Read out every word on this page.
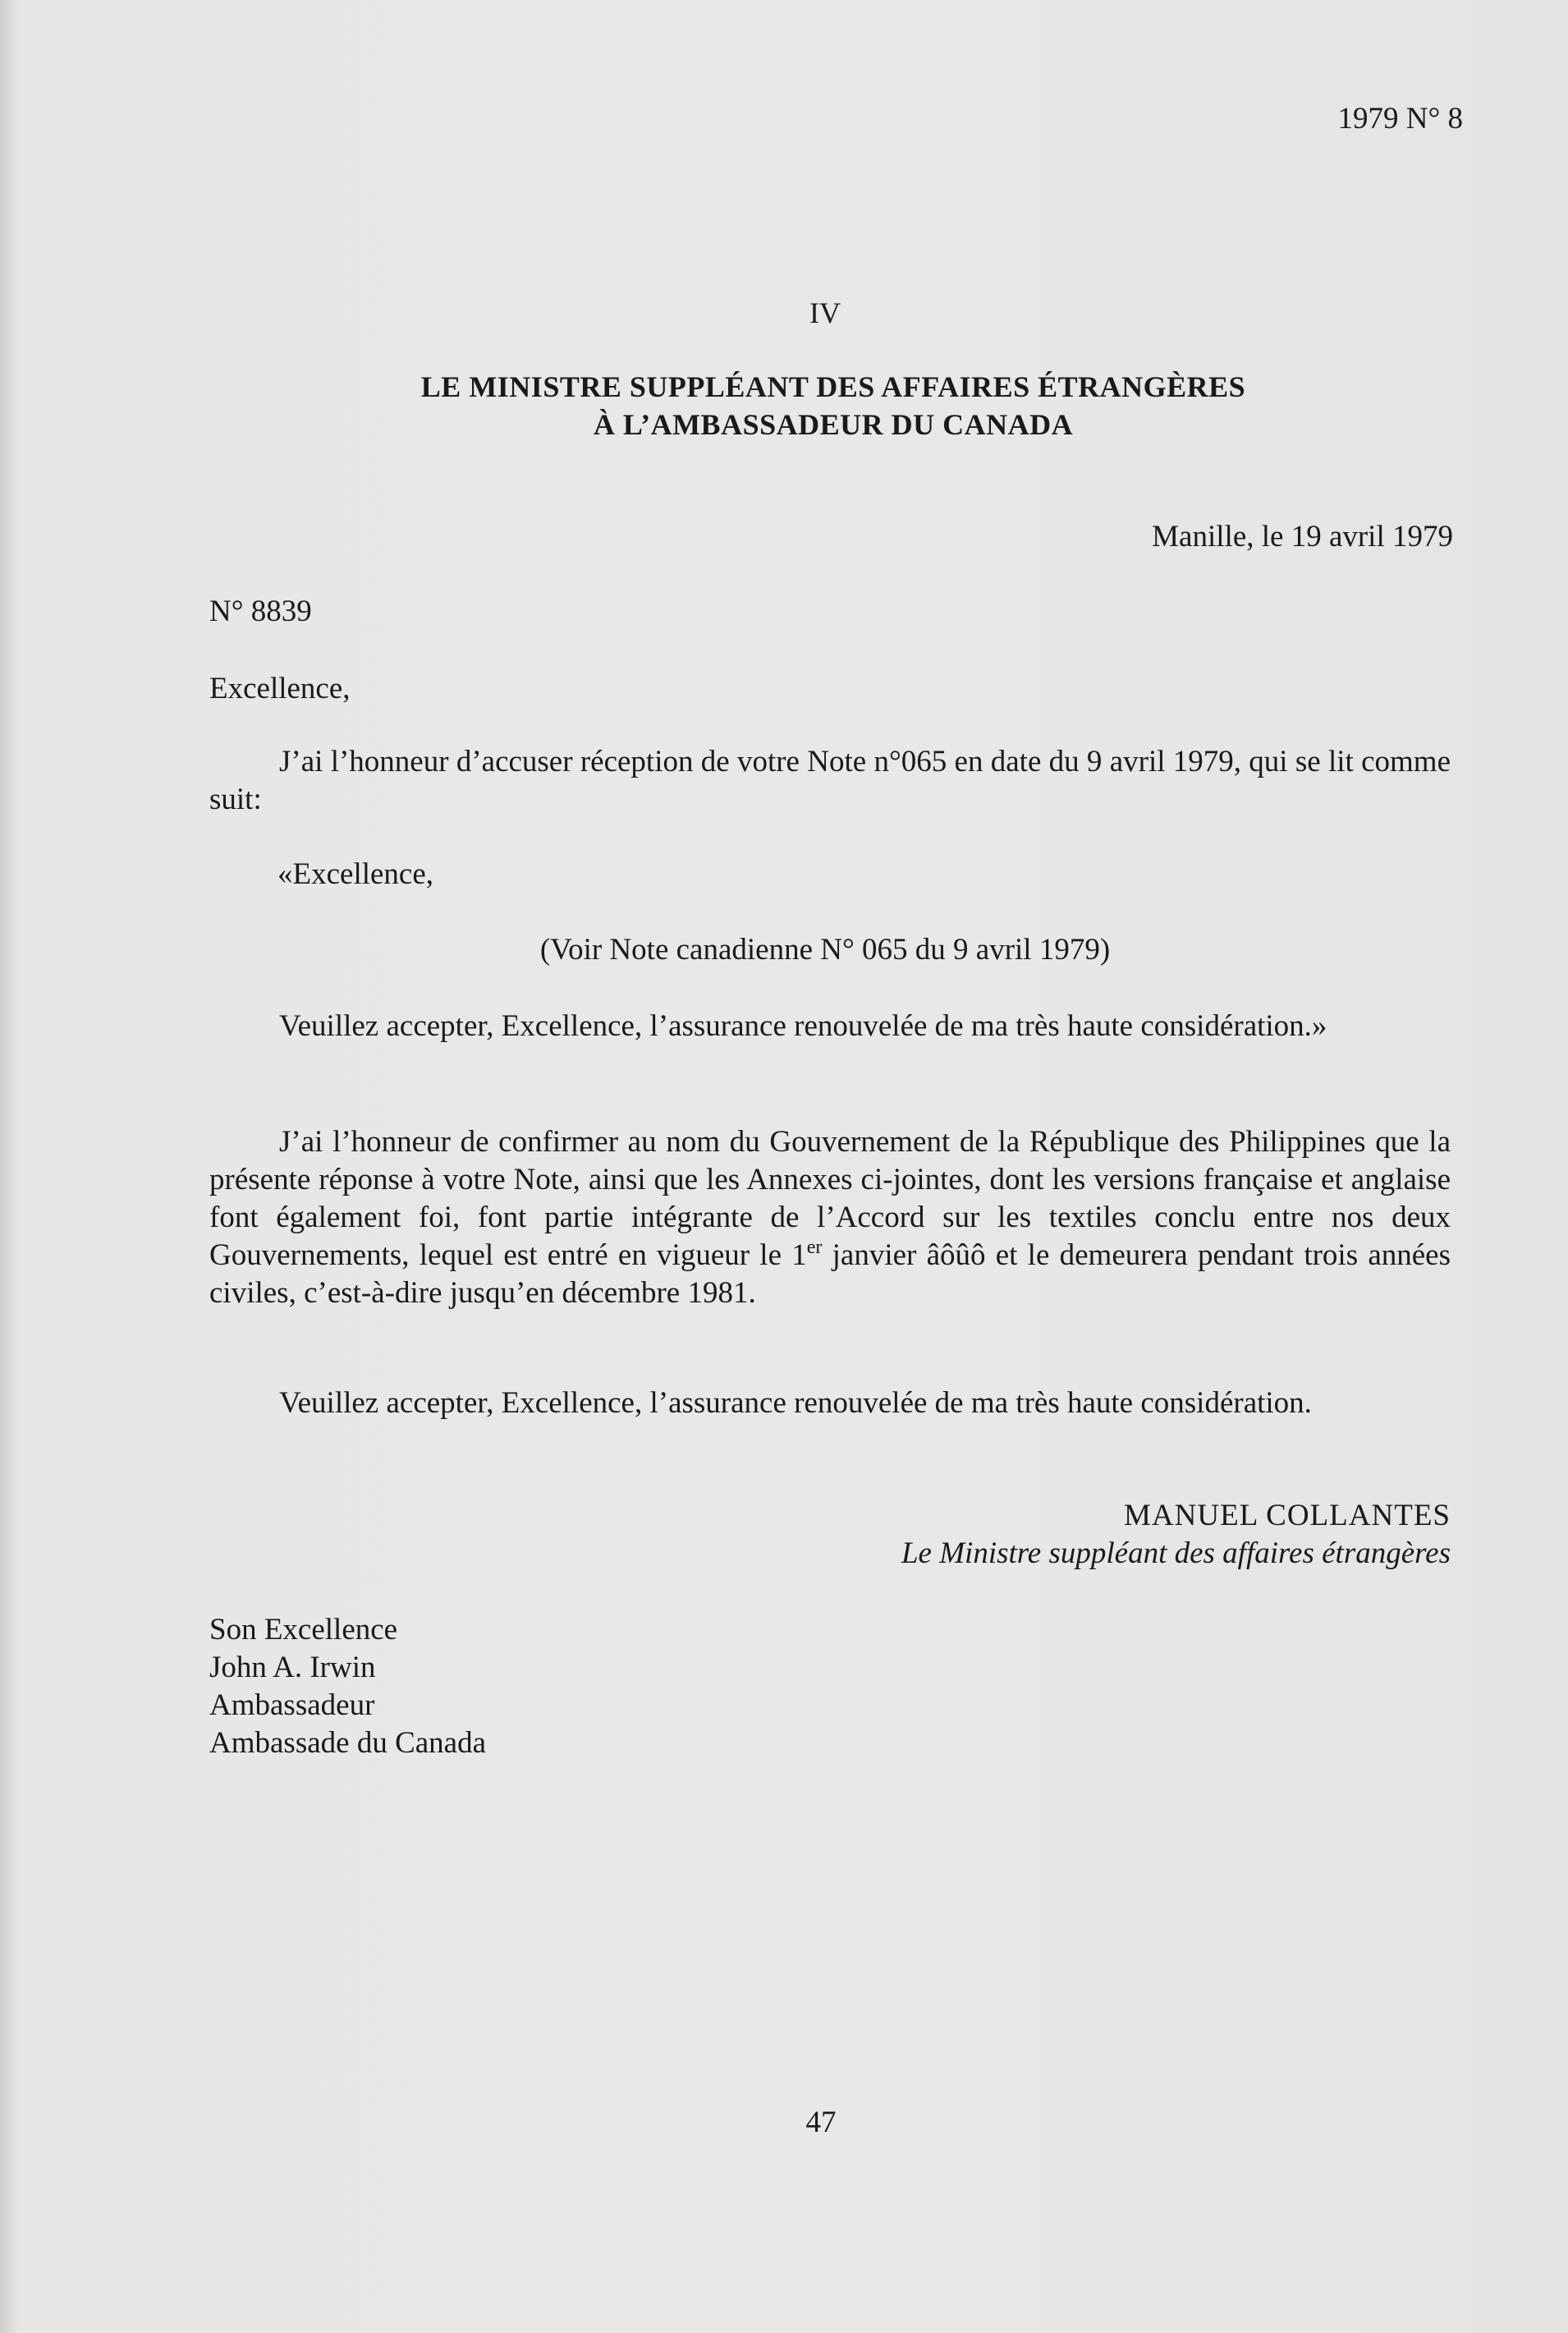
1979 N° 8
IV
LE MINISTRE SUPPLÉANT DES AFFAIRES ÉTRANGÈRES
À L’AMBASSADEUR DU CANADA
Manille, le 19 avril 1979
N° 8839
Excellence,
J’ai l’honneur d’accuser réception de votre Note n°065 en date du 9 avril 1979, qui se lit comme suit:
«Excellence,
(Voir Note canadienne N° 065 du 9 avril 1979)
Veuillez accepter, Excellence, l’assurance renouvelée de ma très haute considération.»
J’ai l’honneur de confirmer au nom du Gouvernement de la République des Philippines que la présente réponse à votre Note, ainsi que les Annexes ci-jointes, dont les versions française et anglaise font également foi, font partie intégrante de l’Accord sur les textiles conclu entre nos deux Gouvernements, lequel est entré en vigueur le 1er janvier âôûô et le demeurera pendant trois années civiles, c’est-à-dire jusqu’en décembre 1981.
Veuillez accepter, Excellence, l’assurance renouvelée de ma très haute considération.
MANUEL COLLANTES
Le Ministre suppléant des affaires étrangères
Son Excellence
John A. Irwin
Ambassadeur
Ambassade du Canada
47
